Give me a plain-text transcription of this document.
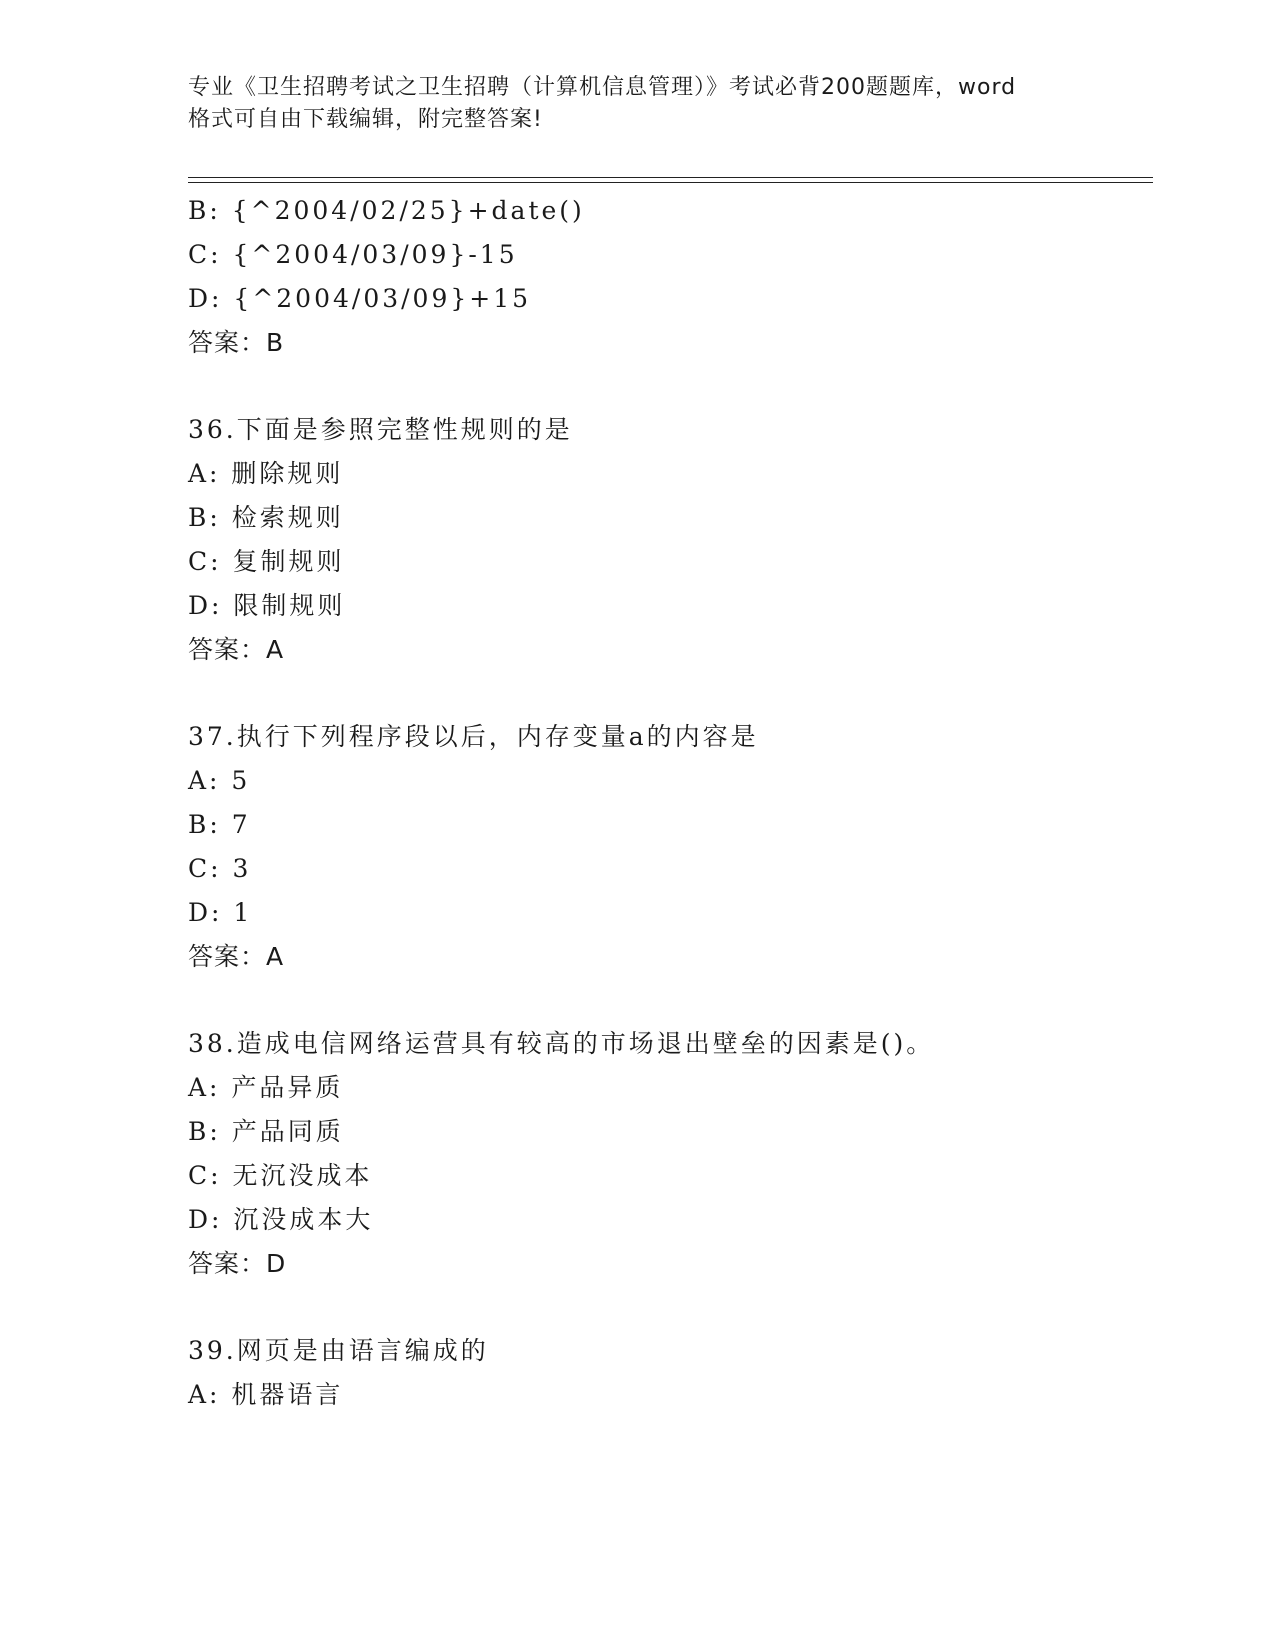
专业《卫生招聘考试之卫生招聘（计算机信息管理）》考试必背200题题库，word
格式可自由下载编辑，附完整答案!
B: {^2004/02/25}+date()
C: {^2004/03/09}-15
D: {^2004/03/09}+15
答案：B
36.下面是参照完整性规则的是
A: 删除规则
B: 检索规则
C: 复制规则
D: 限制规则
答案：A
37.执行下列程序段以后，内存变量a的内容是
A: 5
B: 7
C: 3
D: 1
答案：A
38.造成电信网络运营具有较高的市场退出壁垒的因素是()。
A: 产品异质
B: 产品同质
C: 无沉没成本
D: 沉没成本大
答案：D
39.网页是由语言编成的
A: 机器语言
